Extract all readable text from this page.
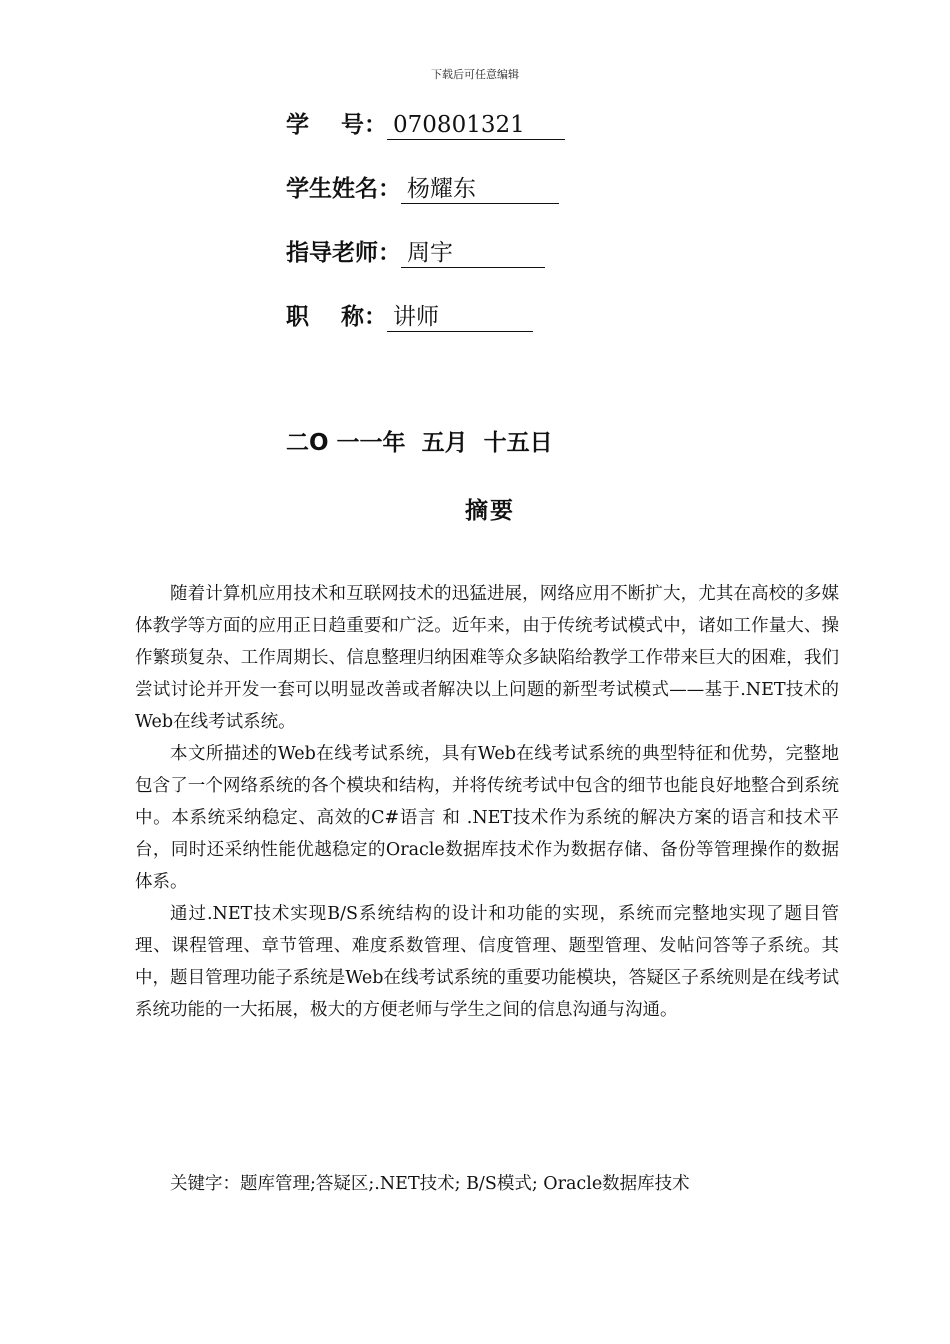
下载后可任意编辑
学    号： 070801321
学生姓名： 杨耀东
指导老师： 周宇
职    称： 讲师
二O 一一年  五月  十五日
摘要

随着计算机应用技术和互联网技术的迅猛进展，网络应用不断扩大，尤其在高校的多媒体教学等方面的应用正日趋重要和广泛。近年来，由于传统考试模式中，诸如工作量大、操作繁琐复杂、工作周期长、信息整理归纳困难等众多缺陷给教学工作带来巨大的困难，我们尝试讨论并开发一套可以明显改善或者解决以上问题的新型考试模式——基于.NET技术的Web在线考试系统。

本文所描述的Web在线考试系统，具有Web在线考试系统的典型特征和优势，完整地包含了一个网络系统的各个模块和结构，并将传统考试中包含的细节也能良好地整合到系统中。本系统采纳稳定、高效的C#语言 和 .NET技术作为系统的解决方案的语言和技术平台，同时还采纳性能优越稳定的Oracle数据库技术作为数据存储、备份等管理操作的数据体系。

通过.NET技术实现B/S系统结构的设计和功能的实现，系统而完整地实现了题目管理、课程管理、章节管理、难度系数管理、信度管理、题型管理、发帖问答等子系统。其中，题目管理功能子系统是Web在线考试系统的重要功能模块，答疑区子系统则是在线考试系统功能的一大拓展，极大的方便老师与学生之间的信息沟通与沟通。

关键字：题库管理;答疑区;.NET技术; B/S模式; Oracle数据库技术
